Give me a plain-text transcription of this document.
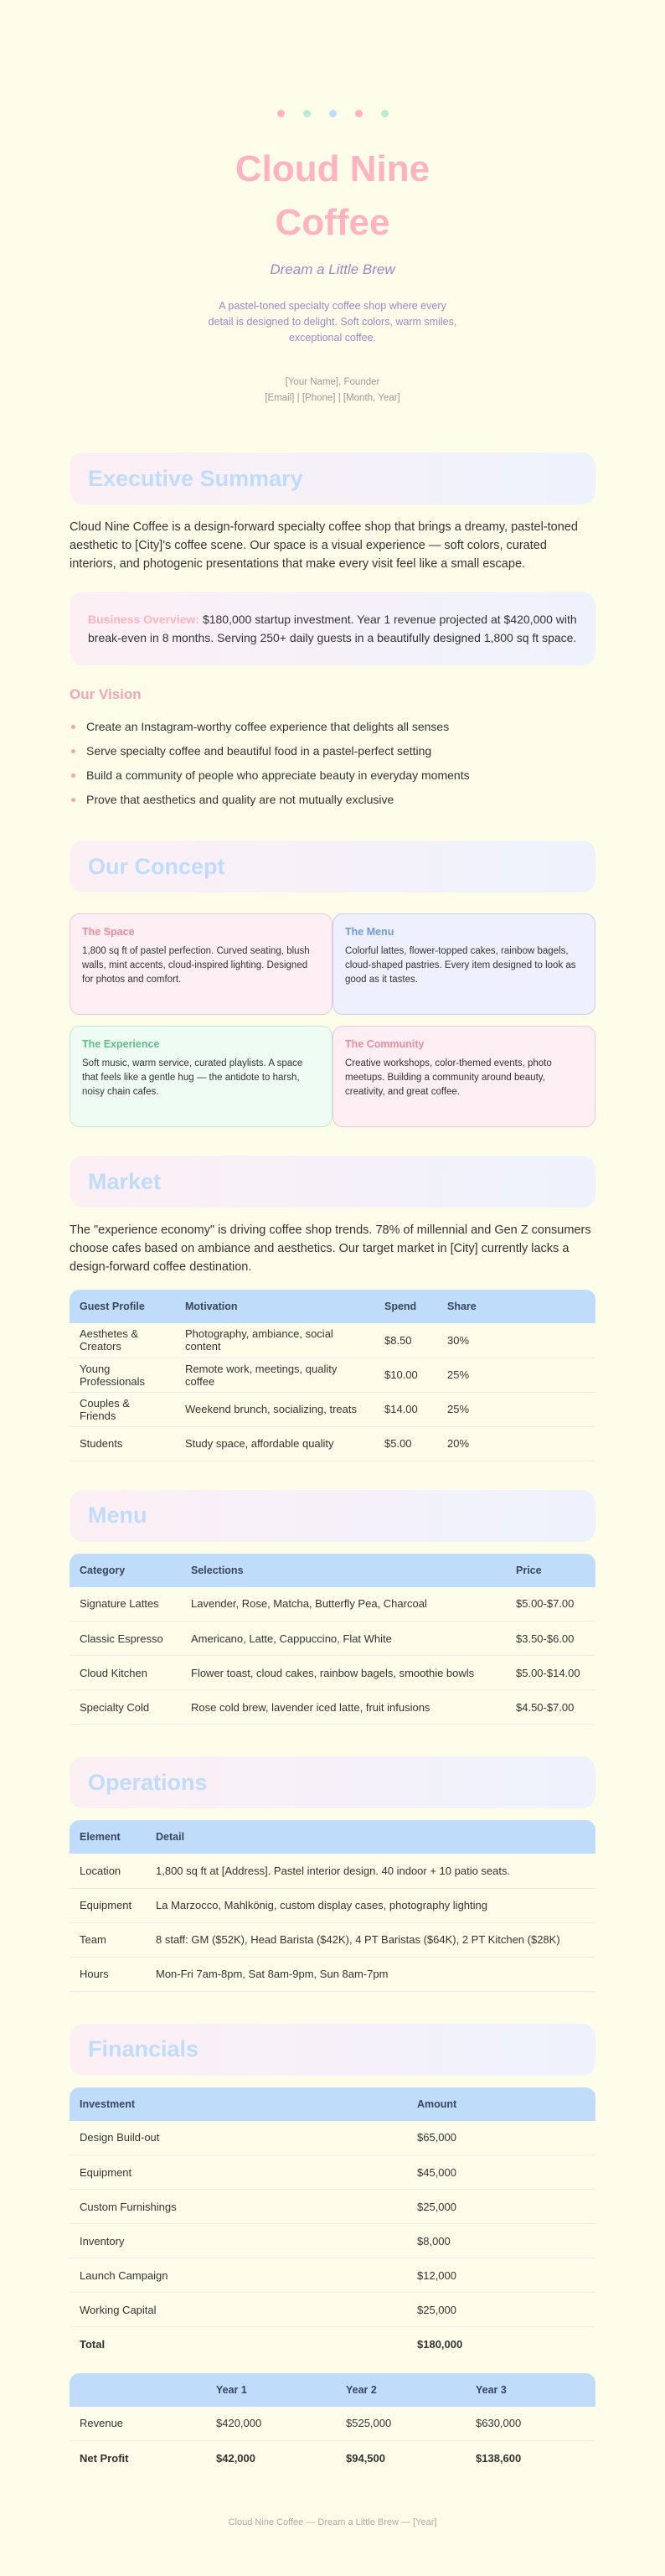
Cloud Nine
Coffee
Dream a Little Brew

A pastel-toned specialty coffee shop where every detail is designed to delight. Soft colors, warm smiles, exceptional coffee.

[Your Name], Founder
[Email] | [Phone] | [Month, Year]
Executive Summary

Cloud Nine Coffee is a design-forward specialty coffee shop that brings a dreamy, pastel-toned aesthetic to [City]'s coffee scene. Our space is a visual experience — soft colors, curated interiors, and photogenic presentations that make every visit feel like a small escape.

Business Overview: $180,000 startup investment. Year 1 revenue projected at $420,000 with break-even in 8 months. Serving 250+ daily guests in a beautifully designed 1,800 sq ft space.
Our Vision
Create an Instagram-worthy coffee experience that delights all senses
Serve specialty coffee and beautiful food in a pastel-perfect setting
Build a community of people who appreciate beauty in everyday moments
Prove that aesthetics and quality are not mutually exclusive
Our Concept
The Space

1,800 sq ft of pastel perfection. Curved seating, blush walls, mint accents, cloud-inspired lighting. Designed for photos and comfort.

The Menu

Colorful lattes, flower-topped cakes, rainbow bagels, cloud-shaped pastries. Every item designed to look as good as it tastes.

The Experience

Soft music, warm service, curated playlists. A space that feels like a gentle hug — the antidote to harsh, noisy chain cafes.

The Community

Creative workshops, color-themed events, photo meetups. Building a community around beauty, creativity, and great coffee.

Market

The "experience economy" is driving coffee shop trends. 78% of millennial and Gen Z consumers choose cafes based on ambiance and aesthetics. Our target market in [City] currently lacks a design-forward coffee destination.

Guest Profile	Motivation	Spend	Share
Aesthetes & Creators	Photography, ambiance, social content	$8.50	30%
Young Professionals	Remote work, meetings, quality coffee	$10.00	25%
Couples & Friends	Weekend brunch, socializing, treats	$14.00	25%
Students	Study space, affordable quality	$5.00	20%
Menu
Category	Selections	Price
Signature Lattes	Lavender, Rose, Matcha, Butterfly Pea, Charcoal	$5.00-$7.00
Classic Espresso	Americano, Latte, Cappuccino, Flat White	$3.50-$6.00
Cloud Kitchen	Flower toast, cloud cakes, rainbow bagels, smoothie bowls	$5.00-$14.00
Specialty Cold	Rose cold brew, lavender iced latte, fruit infusions	$4.50-$7.00
Operations
Element	Detail
Location	1,800 sq ft at [Address]. Pastel interior design. 40 indoor + 10 patio seats.
Equipment	La Marzocco, Mahlkönig, custom display cases, photography lighting
Team	8 staff: GM ($52K), Head Barista ($42K), 4 PT Baristas ($64K), 2 PT Kitchen ($28K)
Hours	Mon-Fri 7am-8pm, Sat 8am-9pm, Sun 8am-7pm
Financials
Investment	Amount
Design Build-out	$65,000
Equipment	$45,000
Custom Furnishings	$25,000
Inventory	$8,000
Launch Campaign	$12,000
Working Capital	$25,000
Total	$180,000
	Year 1	Year 2	Year 3
Revenue	$420,000	$525,000	$630,000
Net Profit	$42,000	$94,500	$138,600
Cloud Nine Coffee — Dream a Little Brew — [Year]
